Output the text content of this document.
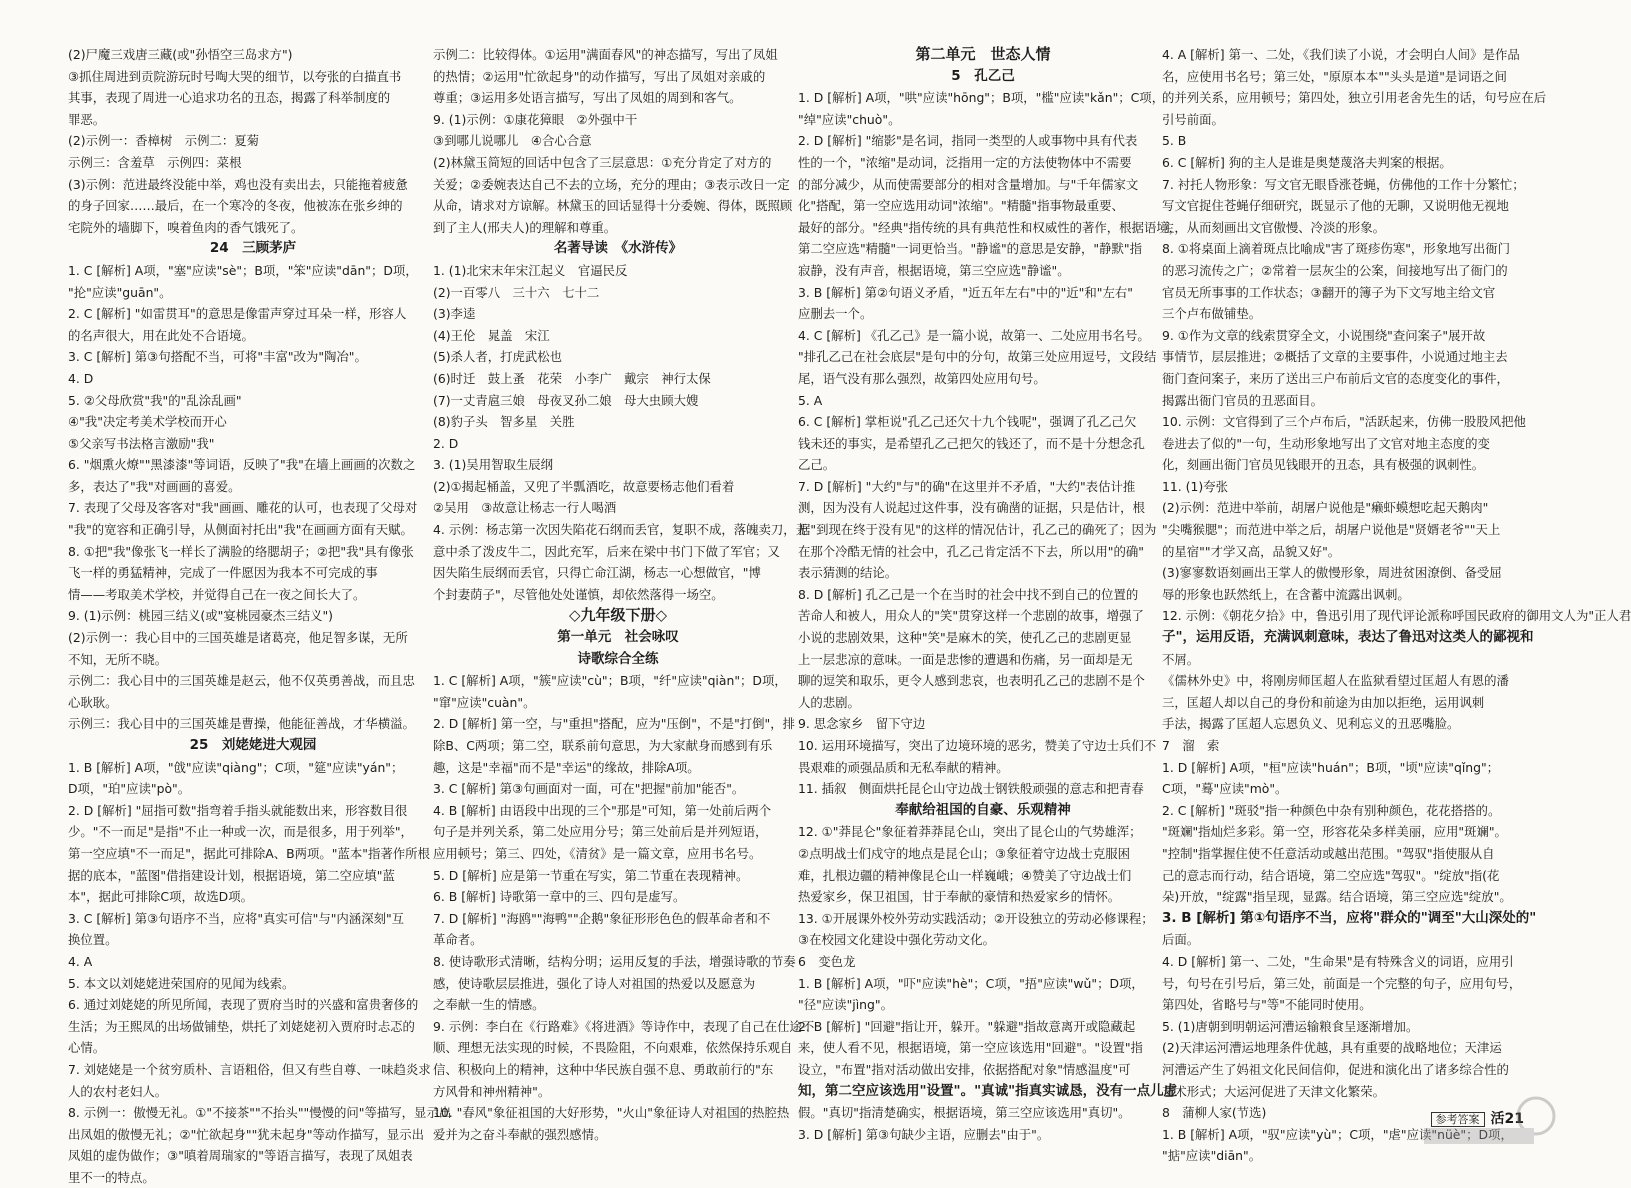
(2)尸魔三戏唐三藏(或"孙悟空三岛求方")
③抓住周进到贡院游玩时号啕大哭的细节，以夸张的白描直书
其事，表现了周进一心追求功名的丑态，揭露了科举制度的
罪恶。
(2)示例一：香樟树　示例二：夏菊
示例三：含羞草　示例四：菜根
(3)示例：范进最终没能中举，鸡也没有卖出去，只能拖着疲惫
的身子回家……最后，在一个寒冷的冬夜，他被冻在张乡绅的
宅院外的墙脚下，嗅着鱼肉的香气饿死了。
24　三顾茅庐
1. C [解析] A项，"塞"应读"sè"；B项，"笨"应读"dān"；D项，
"抡"应读"guān"。
2. C [解析] "如雷贯耳"的意思是像雷声穿过耳朵一样，形容人
的名声很大，用在此处不合语境。
3. C [解析] 第③句搭配不当，可将"丰富"改为"陶冶"。
4. D
5. ②父母欣赏"我"的"乱涂乱画"
④"我"决定考美术学校而开心
⑤父亲写书法格言激励"我"
6. "烟熏火燎""黑漆漆"等词语，反映了"我"在墙上画画的次数之
多，表达了"我"对画画的喜爱。
7. 表现了父母及客客对"我"画画、雕花的认可，也表现了父母对
"我"的宽容和正确引导，从侧面衬托出"我"在画画方面有天赋。
8. ①把"我"像张飞一样长了满脸的络腮胡子；②把"我"具有像张
飞一样的勇猛精神，完成了一件愿因为我本不可完成的事
情——考取美术学校，并觉得自己在一夜之间长大了。
9. (1)示例：桃园三结义(或"宴桃园豪杰三结义")
(2)示例一：我心目中的三国英雄是诸葛亮，他足智多谋，无所
不知，无所不晓。
示例二：我心目中的三国英雄是赵云，他不仅英勇善战，而且忠
心耿耿。
示例三：我心目中的三国英雄是曹操，他能征善战，才华横溢。
25　刘姥姥进大观园
1. B [解析] A项，"戗"应读"qiàng"；C项，"筵"应读"yán"；
D项，"珀"应读"pò"。
2. D [解析] "屈指可数"指弯着手指头就能数出来，形容数目很
少。"不一而足"是指"不止一种或一次，而是很多，用于列举"，
第一空应填"不一而足"，据此可排除A、B两项。"蓝本"指著作所根
据的底本，"蓝图"借指建设计划，根据语境，第二空应填"蓝
本"，据此可排除C项，故选D项。
3. C [解析] 第③句语序不当，应将"真实可信"与"内涵深刻"互
换位置。
4. A
5. 本文以刘姥姥进荣国府的见闻为线索。
6. 通过刘姥姥的所见所闻，表现了贾府当时的兴盛和富贵奢侈的
生活；为王熙凤的出场做铺垫，烘托了刘姥姥初入贾府时忐忑的
心情。
7. 刘姥姥是一个贫穷质朴、言语粗俗，但又有些自尊、一味趋炎求
人的农村老妇人。
8. 示例一：傲慢无礼。①"不接茶""不抬头""慢慢的问"等描写，显示出
出凤姐的傲慢无礼；②"忙欲起身""犹未起身"等动作描写，显示出
凤姐的虚伪做作；③"嗔着周瑞家的"等语言描写，表现了凤姐表
里不一的特点。
示例二：比较得体。①运用"满面春风"的神态描写，写出了凤姐
的热情；②运用"忙欲起身"的动作描写，写出了凤姐对亲戚的
尊重；③运用多处语言描写，写出了凤姐的周到和客气。
9. (1)示例：①康花獐眼　②外强中干
③到哪儿说哪儿　④合心合意
(2)林黛玉简短的回话中包含了三层意思：①充分肯定了对方的
关爱；②委婉表达自己不去的立场，充分的理由；③表示改日一定
从命，请求对方谅解。林黛玉的回话显得十分委婉、得体，既照顾
到了主人(邢夫人)的理解和尊重。
名著导读　《水浒传》
1. (1)北宋末年宋江起义　官逼民反
(2)一百零八　三十六　七十二
(3)李逵
(4)王伦　晁盖　宋江
(5)杀人者，打虎武松也
(6)时迁　鼓上蚤　花荣　小李广　戴宗　神行太保
(7)一丈青扈三娘　母夜叉孙二娘　母大虫顾大嫂
(8)豹子头　智多星　关胜
2. D
3. (1)吴用智取生辰纲
(2)①揭起桶盖，又兜了半瓢酒吃，故意要杨志他们看着
②吴用　③故意让杨志一行人喝酒
4. 示例：杨志第一次因失陷花石纲而丢官，复职不成，落魄卖刀，无
意中杀了泼皮牛二，因此充军，后来在梁中书门下做了军官；又
因失陷生辰纲而丢官，只得亡命江湖，杨志一心想做官，"博
个封妻荫子"，尽管他处处谨慎，却依然落得一场空。
◇九年级下册◇
第一单元　社会咏叹
诗歌综合全练
1. C [解析] A项，"簇"应读"cù"；B项，"纤"应读"qiàn"；D项，
"窜"应读"cuàn"。
2. D [解析] 第一空，与"重担"搭配，应为"压倒"，不是"打倒"，排
除B、C两项；第二空，联系前句意思，为大家献身而感到有乐
趣，这是"幸福"而不是"幸运"的缘故，排除A项。
3. C [解析] 第③句画面对一面，可在"把握"前加"能否"。
4. B [解析] 由语段中出现的三个"那是"可知，第一处前后两个
句子是并列关系，第二处应用分号；第三处前后是并列短语，
应用顿号；第三、四处，《清贫》是一篇文章，应用书名号。
5. D [解析] 应是第一节重在写实，第二节重在表现精神。
6. B [解析] 诗歌第一章中的三、四句是虚写。
7. D [解析] "海鸥""海鸭""企鹅"象征形形色色的假革命者和不
革命者。
8. 使诗歌形式清晰，结构分明；运用反复的手法，增强诗歌的节奏
感，使诗歌层层推进，强化了诗人对祖国的热爱以及愿意为
之奉献一生的情感。
9. 示例：李白在《行路难》《将进酒》等诗作中，表现了自己在仕途不
顺、理想无法实现的时候，不畏险阻，不向艰难，依然保持乐观自
信、积极向上的精神，这种中华民族自强不息、勇敢前行的"东
方风骨和神州精神"。
10. "春风"象征祖国的大好形势，"火山"象征诗人对祖国的热腔热
爱并为之奋斗奉献的强烈感情。
第二单元　世态人情
5　孔乙己
1. D [解析] A项，"哄"应读"hōng"；B项，"槛"应读"kǎn"；C项，
"绰"应读"chuò"。
2. D [解析] "缩影"是名词，指同一类型的人或事物中具有代表
性的一个，"浓缩"是动词，泛指用一定的方法使物体中不需要
的部分减少，从而使需要部分的相对含量增加。与"千年儒家文
化"搭配，第一空应选用动词"浓缩"。"精髓"指事物最重要、
最好的部分。"经典"指传统的具有典范性和权威性的著作，根据语境，
第二空应选"精髓"一词更恰当。"静谧"的意思是安静，"静默"指
寂静，没有声音，根据语境，第三空应选"静谧"。
3. B [解析] 第②句语义矛盾，"近五年左右"中的"近"和"左右"
应删去一个。
4. C [解析] 《孔乙己》是一篇小说，故第一、二处应用书名号。
"排孔乙己在社会底层"是句中的分句，故第三处应用逗号，文段结
尾，语气没有那么强烈，故第四处应用句号。
5. A
6. C [解析] 掌柜说"孔乙己还欠十九个钱呢"，强调了孔乙己欠
钱未还的事实，是希望孔乙己把欠的钱还了，而不是十分想念孔
乙己。
7. D [解析] "大约"与"的确"在这里并不矛盾，"大约"表估计推
测，因为没有人说起过这件事，没有确凿的证据，只是估计，根
据"到现在终于没有见"的这样的情况估计，孔乙己的确死了；因为
在那个冷酷无情的社会中，孔乙己肯定活不下去，所以用"的确"
表示猜测的结论。
8. D [解析] 孔乙己是一个在当时的社会中找不到自己的位置的
苦命人和被人，用众人的"笑"贯穿这样一个悲剧的故事，增强了
小说的悲剧效果，这种"笑"是麻木的笑，使孔乙己的悲剧更显
上一层悲凉的意味。一面是悲惨的遭遇和伤痛，另一面却是无
聊的逗笑和取乐，更令人感到悲哀，也表明孔乙己的悲剧不是个
人的悲剧。
9. 思念家乡　留下守边
10. 运用环境描写，突出了边境环境的恶劣，赞美了守边士兵们不
畏艰难的顽强品质和无私奉献的精神。
11. 插叙　侧面烘托昆仑山守边战士钢铁般顽强的意志和把青春
奉献给祖国的自豪、乐观精神
12. ①"莽昆仑"象征着莽莽昆仑山，突出了昆仑山的气势雄浑；
②点明战士们戍守的地点是昆仑山；③象征着守边战士克服困
难，扎根边疆的精神像昆仑山一样巍峨；④赞美了守边战士们
热爱家乡，保卫祖国，甘于奉献的豪情和热爱家乡的情怀。
13. ①开展课外校外劳动实践活动；②开设独立的劳动必修课程；
③在校园文化建设中强化劳动文化。
6　变色龙
1. B [解析] A项，"吓"应读"hè"；C项，"捂"应读"wǔ"；D项，
"径"应读"jìng"。
2. B [解析] "回避"指让开，躲开。"躲避"指故意离开或隐藏起
来，使人看不见，根据语境，第一空应该选用"回避"。"设置"指
设立，"布置"指对活动做出安排，依据搭配对象"情感温度"可
知，第二空应该选用"设置"。"真诚"指真实诚恳，没有一点儿虚
假。"真切"指清楚确实，根据语境，第三空应该选用"真切"。
3. D [解析] 第③句缺少主语，应删去"由于"。
4. A [解析] 第一、二处，《我们读了小说，才会明白人间》是作品
名，应使用书名号；第三处，"原原本本""头头是道"是词语之间
的并列关系，应用顿号；第四处，独立引用老舍先生的话，句号应在后
引号前面。
5. B
6. C [解析] 狗的主人是谁是奥楚蔑洛夫判案的根据。
7. 衬托人物形象：写文官无眼昏涨苍蝇，仿佛他的工作十分繁忙；
写文官捉住苍蝇仔细研究，既显示了他的无聊，又说明他无视地
主，从而刻画出文官傲慢、冷淡的形象。
8. ①将桌面上滴着斑点比喻成"害了斑疹伤寒"，形象地写出衙门
的恶习流传之广；②常着一层灰尘的公案，间接地写出了衙门的
官员无所事事的工作状态；③翻开的簿子为下文写地主给文官
三个卢布做铺垫。
9. ①作为文章的线索贯穿全文，小说围绕"查问案子"展开故
事情节，层层推进；②概括了文章的主要事件，小说通过地主去
衙门查问案子，来历了送出三户布前后文官的态度变化的事件，
揭露出衙门官员的丑恶面目。
10. 示例：文官得到了三个卢布后，"活跃起来，仿佛一股股风把他
卷进去了似的"一句，生动形象地写出了文官对地主态度的变
化，刻画出衙门官员见钱眼开的丑态，具有极强的讽刺性。
11. (1)夸张
(2)示例：范进中举前，胡屠户说他是"癞虾蟆想吃起天鹅肉"
"尖嘴猴腮"；而范进中举之后，胡屠户说他是"贤婿老爷""天上
的星宿""才学又高，品貌又好"。
(3)寥寥数语刻画出王掌人的傲慢形象，周进贫困潦倒、备受屈
辱的形象也跃然纸上，在含蓄中流露出讽刺。
12. 示例：《朝花夕拾》中，鲁迅引用了现代评论派称呼国民政府的御用文人为"正人君
子"，运用反语，充满讽刺意味，表达了鲁迅对这类人的鄙视和
不屑。
《儒林外史》中，将刚房师匡超人在监狱看望过匡超人有恩的潘
三，匡超人却以自己的身份和前途为由加以拒绝，运用讽刺
手法，揭露了匡超人忘恩负义、见利忘义的丑恶嘴脸。
7　溜　索
1. D [解析] A项，"桓"应读"huán"；B项，"顷"应读"qǐng"；
C项，"蓦"应读"mò"。
2. C [解析] "斑驳"指一种颜色中杂有别种颜色，花花搭搭的。
"斑斓"指灿烂多彩。第一空，形容花朵多样美丽，应用"斑斓"。
"控制"指掌握住使不任意活动或越出范围。"驾驭"指使服从自
己的意志而行动，结合语境，第二空应选"驾驭"。"绽放"指(花
朵)开放，"绽露"指呈现，显露。结合语境，第三空应选"绽放"。
3. B [解析] 第①句语序不当，应将"群众的"调至"大山深处的"
后面。
4. D [解析] 第一、二处，"生命果"是有特殊含义的词语，应用引
号，句号在引号后，第三处，前面是一个完整的句子，应用句号，
第四处，省略号与"等"不能同时使用。
5. (1)唐朝到明朝运河漕运输粮食呈逐渐增加。
(2)天津运河漕运地理条件优越，具有重要的战略地位；天津运
河漕运产生了妈祖文化民间信仰，促进和演化出了诸多综合性的
艺术形式；大运河促进了天津文化繁荣。
8　蒲柳人家(节选)
1. B [解析] A项，"驭"应读"yù"；C项，"虐"应读"nüè"；D项，
"掂"应读"diān"。
参考答案 活21
